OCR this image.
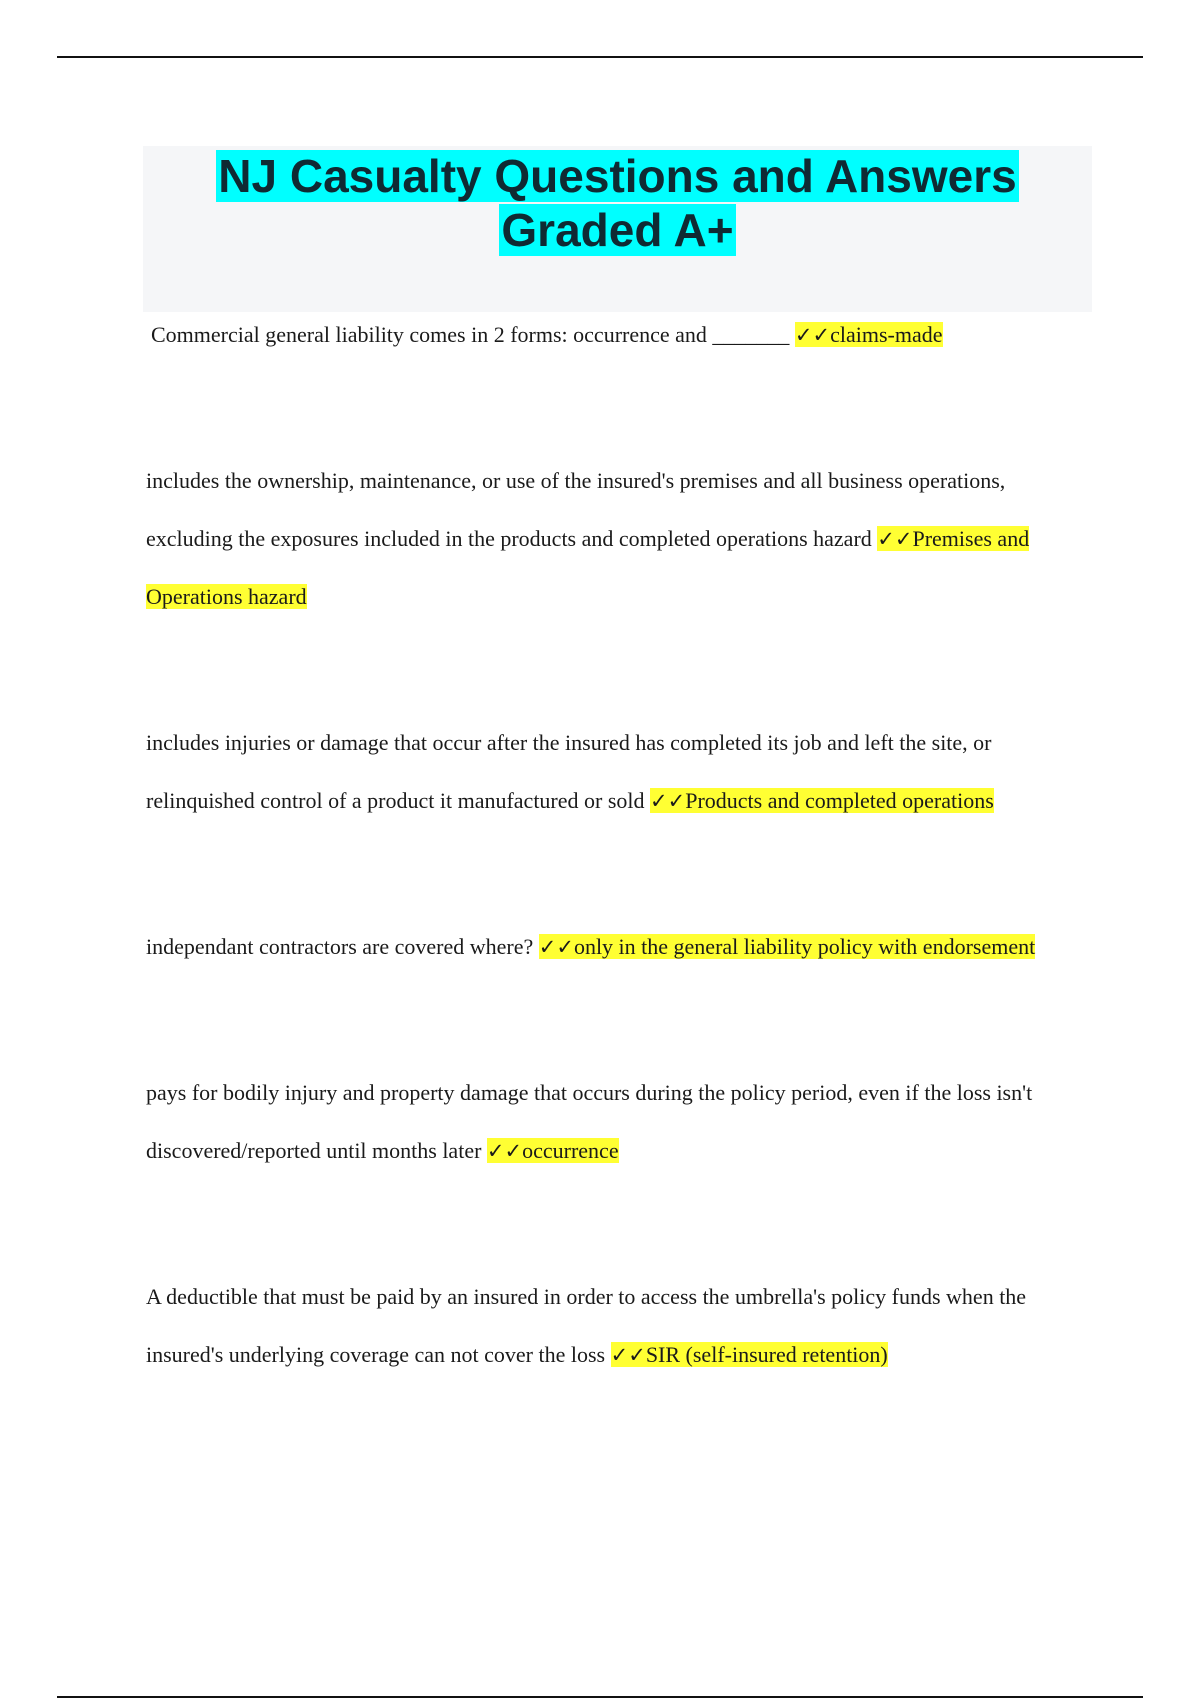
NJ Casualty Questions and Answers Graded A+

Commercial general liability comes in 2 forms: occurrence and _______ ✓✓claims-made

includes the ownership, maintenance, or use of the insured's premises and all business operations, excluding the exposures included in the products and completed operations hazard ✓✓Premises and Operations hazard

includes injuries or damage that occur after the insured has completed its job and left the site, or relinquished control of a product it manufactured or sold ✓✓Products and completed operations

independant contractors are covered where? ✓✓only in the general liability policy with endorsement

pays for bodily injury and property damage that occurs during the policy period, even if the loss isn't discovered/reported until months later ✓✓occurrence

A deductible that must be paid by an insured in order to access the umbrella's policy funds when the insured's underlying coverage can not cover the loss ✓✓SIR (self-insured retention)
